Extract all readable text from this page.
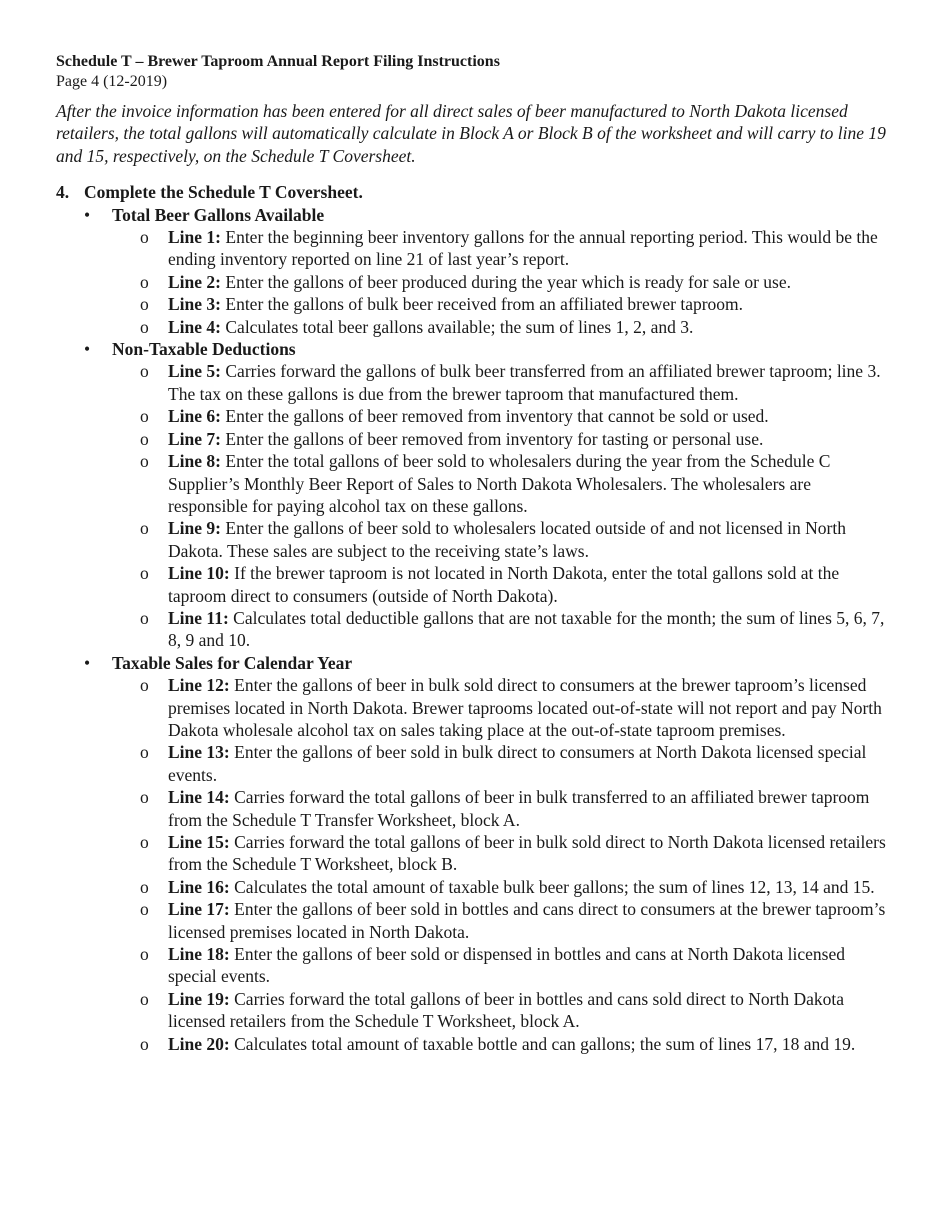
Schedule T – Brewer Taproom Annual Report Filing Instructions

Page 4 (12-2019)

After the invoice information has been entered for all direct sales of beer manufactured to North Dakota licensed retailers, the total gallons will automatically calculate in Block A or Block B of the worksheet and will carry to line 19 and 15, respectively, on the Schedule T Coversheet.

4. Complete the Schedule T Coversheet.
•	Total Beer Gallons Available
o	Line 1: Enter the beginning beer inventory gallons for the annual reporting period. This would be the ending inventory reported on line 21 of last year’s report.
o	Line 2: Enter the gallons of beer produced during the year which is ready for sale or use.
o	Line 3: Enter the gallons of bulk beer received from an affiliated brewer taproom.
o	Line 4: Calculates total beer gallons available; the sum of lines 1, 2, and 3.
•	Non-Taxable Deductions
o	Line 5: Carries forward the gallons of bulk beer transferred from an affiliated brewer taproom; line 3. The tax on these gallons is due from the brewer taproom that manufactured them.
o	Line 6: Enter the gallons of beer removed from inventory that cannot be sold or used.
o	Line 7: Enter the gallons of beer removed from inventory for tasting or personal use.
o	Line 8: Enter the total gallons of beer sold to wholesalers during the year from the Schedule C Supplier’s Monthly Beer Report of Sales to North Dakota Wholesalers. The wholesalers are responsible for paying alcohol tax on these gallons.
o	Line 9: Enter the gallons of beer sold to wholesalers located outside of and not licensed in North Dakota. These sales are subject to the receiving state’s laws.
o	Line 10: If the brewer taproom is not located in North Dakota, enter the total gallons sold at the taproom direct to consumers (outside of North Dakota).
o	Line 11: Calculates total deductible gallons that are not taxable for the month; the sum of lines 5, 6, 7, 8, 9 and 10.
•	Taxable Sales for Calendar Year
o	Line 12: Enter the gallons of beer in bulk sold direct to consumers at the brewer taproom’s licensed premises located in North Dakota. Brewer taprooms located out-of-state will not report and pay North Dakota wholesale alcohol tax on sales taking place at the out-of-state taproom premises.
o	Line 13: Enter the gallons of beer sold in bulk direct to consumers at North Dakota licensed special events.
o	Line 14: Carries forward the total gallons of beer in bulk transferred to an affiliated brewer taproom from the Schedule T Transfer Worksheet, block A.
o	Line 15: Carries forward the total gallons of beer in bulk sold direct to North Dakota licensed retailers from the Schedule T Worksheet, block B.
o	Line 16: Calculates the total amount of taxable bulk beer gallons; the sum of lines 12, 13, 14 and 15.
o	Line 17: Enter the gallons of beer sold in bottles and cans direct to consumers at the brewer taproom’s licensed premises located in North Dakota.
o	Line 18: Enter the gallons of beer sold or dispensed in bottles and cans at North Dakota licensed special events.
o	Line 19: Carries forward the total gallons of beer in bottles and cans sold direct to North Dakota licensed retailers from the Schedule T Worksheet, block A.
o	Line 20: Calculates total amount of taxable bottle and can gallons; the sum of lines 17, 18 and 19.
